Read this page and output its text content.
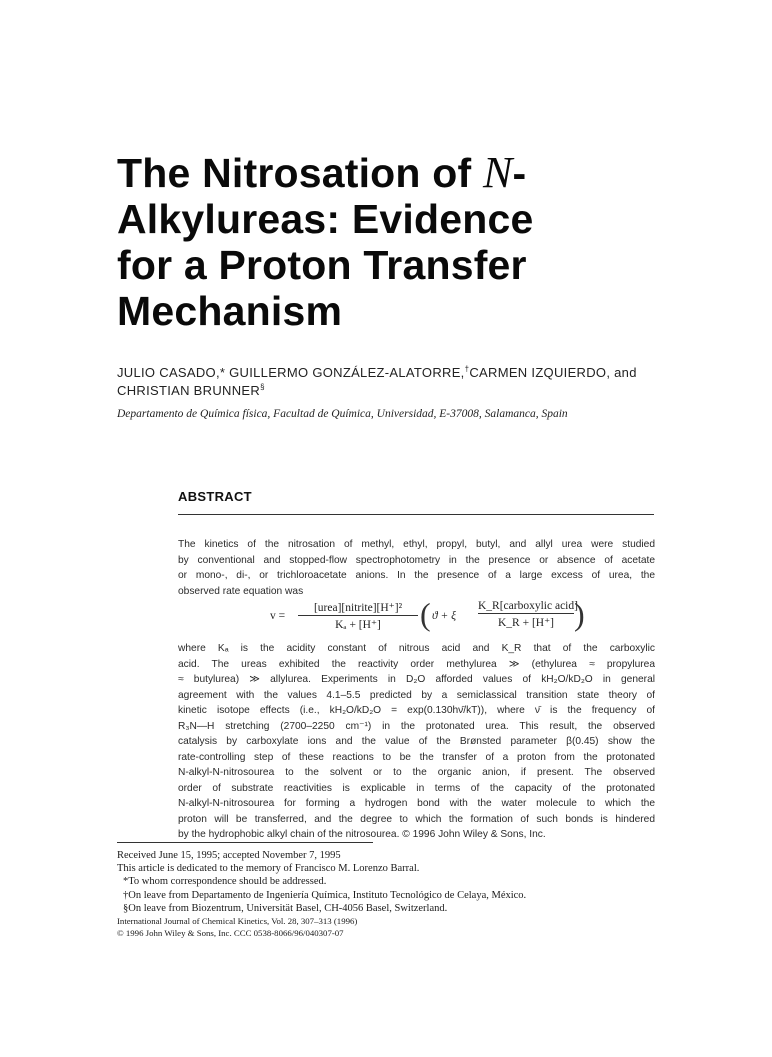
The Nitrosation of N-
Alkylureas: Evidence
for a Proton Transfer
Mechanism
JULIO CASADO,* GUILLERMO GONZÁLEZ-ALATORRE,†CARMEN IZQUIERDO, and
CHRISTIAN BRUNNER§
Departamento de Química física, Facultad de Química, Universidad, E-37008, Salamanca, Spain
ABSTRACT
The kinetics of the nitrosation of methyl, ethyl, propyl, butyl, and allyl urea were studied
by conventional and stopped-flow spectrophotometry in the presence or absence of acetate
or mono-, di-, or trichloroacetate anions. In the presence of a large excess of urea, the
observed rate equation was
v =
[urea][nitrite][H⁺]²
Kₐ + [H⁺]	( ϑ + ξ
K_R[carboxylic acid]
K_R + [H⁺] )
where Kₐ is the acidity constant of nitrous acid and K_R that of the carboxylic
acid. The ureas exhibited the reactivity order methylurea ≫ (ethylurea ≈ propylurea
≈ butylurea) ≫ allylurea. Experiments in D₂O afforded values of kH₂O/kD₂O in general
agreement with the values 4.1–5.5 predicted by a semiclassical transition state theory of
kinetic isotope effects (i.e., kH₂O/kD₂O = exp(0.130hν̄/kT)), where ν̄ is the frequency of
R₃N—H stretching (2700–2250 cm⁻¹) in the protonated urea. This result, the observed
catalysis by carboxylate ions and the value of the Brønsted parameter β(0.45) show the
rate-controlling step of these reactions to be the transfer of a proton from the protonated
N-alkyl-N-nitrosourea to the solvent or to the organic anion, if present. The observed
order of substrate reactivities is explicable in terms of the capacity of the protonated
N-alkyl-N-nitrosourea for forming a hydrogen bond with the water molecule to which the
proton will be transferred, and the degree to which the formation of such bonds is hindered
by the hydrophobic alkyl chain of the nitrosourea. © 1996 John Wiley & Sons, Inc.
Received June 15, 1995; accepted November 7, 1995
This article is dedicated to the memory of Francisco M. Lorenzo Barral.
*To whom correspondence should be addressed.
†On leave from Departamento de Ingeniería Química, Instituto Tecnológico de Celaya, México.
§On leave from Biozentrum, Universität Basel, CH-4056 Basel, Switzerland.
International Journal of Chemical Kinetics, Vol. 28, 307–313 (1996)
© 1996 John Wiley & Sons, Inc. CCC 0538-8066/96/040307-07
